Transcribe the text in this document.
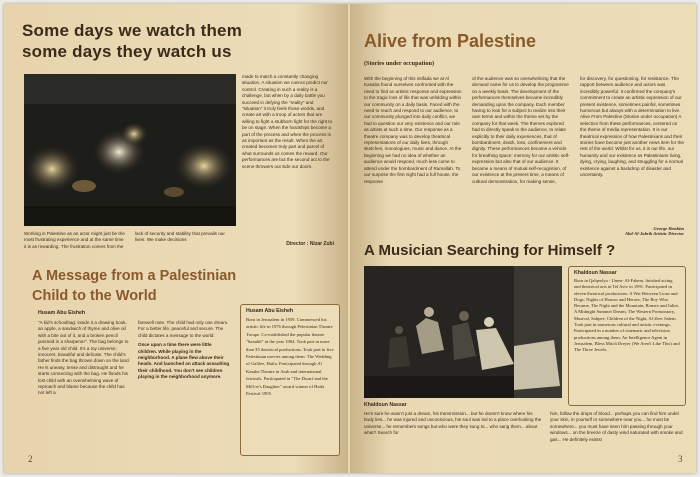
Some days we watch them some days they watch us
Working in Palestine as an actor might just be the most frustrating experience and at the same time it is as rewarding. The frustration comes from the lack of security and stability that prevails our lives. We make decisions
made to match a constantly changing situation. A situation we cannot predict nor control. Creating in such a reality is a challenge, but when by a daily battle you succeed in defying the "reality" and "situation" it truly feels those worlds, and create art with a troop of actors that are willing to fight a stubborn fight for the right to be on stage. When the hardships become a part of the process and when the process is as important as the result. When the art created becomes truly part and parcel of what surrounds us comes the reward. Our performances are but the second act to the scene throwers out side our doors.
Director : Nizar Zubi
A Message from a Palestinian Child to the World
Husam Abu Eisheh
"A kid's schoolbag: inside it a drawing book, an apple, a sandwich of thyme and olive oil with a bite out of it, and a broken pencil jammed in a sharpener". The bag belongs to a five year old child. It's a toy universe; innocent, beautiful and delicate. The child's father finds the bag thrown down on the land. He is uneasy, tense and distraught and he starts connecting with the bag. He floods his lost child with an overwhelming wave of reproach and blame because the child has not left a

farewell note. The child had only one dream. For a better life, peaceful and secure. The child dictates a message to the world:

Once upon a time there were little children. While playing in the neighborhood. A plane flew above their heads. And launched an attack assaulting their childhood. You don't see children playing in the neighborhood anymore.

Husam Abu Eisheh
Born in Jerusalem in 1959. Commenced his artistic life in 1976 through Pelestinian Theatre Troupe. Co-established the popular theatre "Sanabil" in the year 1984. Took part in more than 35 theatrical productions. Took part in five Palestinian movies among them: The Wedding of Galilee, Haifa. Participated through Al Kasaba Theatre in Arab and international festivals. Participated in "The Dwarf and the Mill-er's Daughter" award winner of Haifa Festival 1995.
2
Alive from Palestine
(Stories under occupation)
With the beginning of this intifada we at Al Kasaba found ourselves confronted with the need to find an artistic response and expression to the tragic loss of life that was unfolding within our community on a daily basis. Faced with the need to reach and respond to our audience, to our community plunged into daily conflict, we had to question our very existence and our role as artists at such a time. Our response as a theatre company was to develop theatrical representations of our daily lives, through sketches, monologues, music and dance. At the beginning we had no idea of whether an audience would respond, much less come to attend under the bombardment of Ramallah. To our surprise the first night had a full house, the response
of the audience was so overwhelming that the demand came for us to develop the programme on a weekly basis. The development of the performances themselves became incredibly demanding upon the company. Each member having to look for a subject to realize into their own terms and within the theme set by the company for that week. The themes explored had to directly speak to the audience, to relate explicitly to their daily experiences, that of bombardment, death, loss, confinement and dignity. These performances became a vehicle for breathing space; memory for our artistic self-expression but also that of our audience. It became a means of mutual self-recognition, of our existence at the present time, a means of cultural demonstration, for making sense,
for discovery, for questioning, for resistance. The rapport between audience and actors was incredibly powerful. It confirmed the company's commitment to create an artistic expression of our present existence, sometimes painful, sometimes humorous but always with a determination to live. Alive From Palestine (Stories under occupation) A selection from these performances, centered on the theme of media representation. It is our theatrical expression of how Palestinians and their stories have become just another news item for the rest of the world. Whilst for us, it is our life, our humanity and our existence as Palestinians living, dying, crying, laughing, and struggling for a normal existence against a backdrop of disaster and uncertainty.
George Ibrahim
Abd-Al-Jabrik Artistic Director
A Musician Searching for Himself ?
Khaldoun Nassar
He's sure he wasn't just a dream, his transmission... but he doesn't know where his body lies... he was injured and unconscious, his soul was led to a place overlooking the universe... he remembers songs but who were they sung to... who sang them... about what? Search for
him, follow the drops of blood... perhaps you can find him under your skin, in yourself or somewhere near you... he must be somewhere... you must have seen him passing through your windows... on the breeze of dusty wind saturated with smoke and gas... He definitely exists!
Khaldoun Nassar
Born in Qalqeelya - Umm- Al-Fahem, finished acting and theatrical arts in Tel Aviv in 1991. Participated in eleven theatrical productions: A War Between Lions and Dogs, Nights of Houses and Heroes, The Boy Who Became, The Night and the Mountain, Romeo and Juliet, A Midnight Summer Dream, The Western Promontory, Musical, Saltpee, Children of the Night, Al-Zeer Salem. Took part in numerous cultural and artistic evenings. Participated in a number of cinematic and television productions among them: An Intelligence Agent in Jerusalem, Bless Mitch Dreyer (We Aren't Like This) and The Three Jewels.
3
